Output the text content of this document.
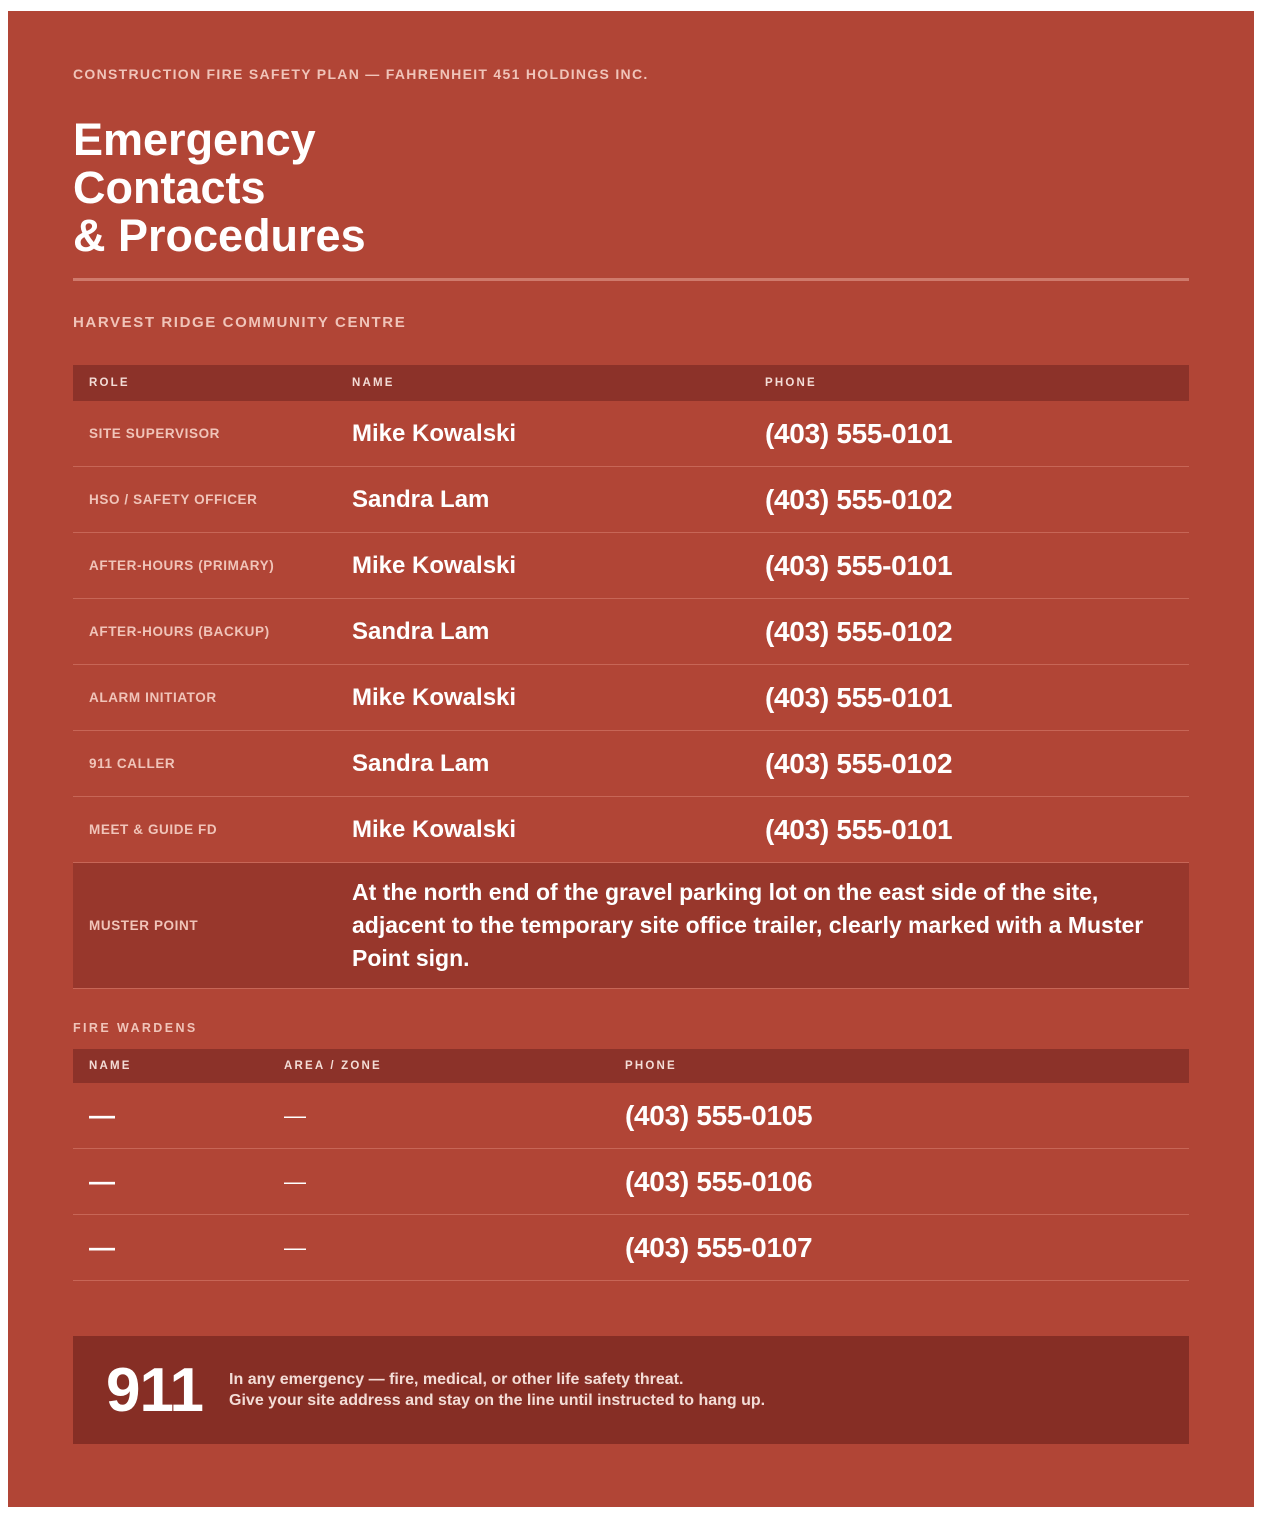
CONSTRUCTION FIRE SAFETY PLAN — FAHRENHEIT 451 HOLDINGS INC.
Emergency
Contacts
& Procedures
HARVEST RIDGE COMMUNITY CENTRE
ROLE	NAME	PHONE
SITE SUPERVISOR	Mike Kowalski	(403) 555-0101
HSO / SAFETY OFFICER	Sandra Lam	(403) 555-0102
AFTER-HOURS (PRIMARY)	Mike Kowalski	(403) 555-0101
AFTER-HOURS (BACKUP)	Sandra Lam	(403) 555-0102
ALARM INITIATOR	Mike Kowalski	(403) 555-0101
911 CALLER	Sandra Lam	(403) 555-0102
MEET & GUIDE FD	Mike Kowalski	(403) 555-0101
MUSTER POINT	At the north end of the gravel parking lot on the east side of the site, adjacent to the temporary site office trailer, clearly marked with a Muster Point sign.	
FIRE WARDENS
NAME	AREA / ZONE	PHONE
—	—	(403) 555-0105
—	—	(403) 555-0106
—	—	(403) 555-0107
911 In any emergency — fire, medical, or other life safety threat.
Give your site address and stay on the line until instructed to hang up.
